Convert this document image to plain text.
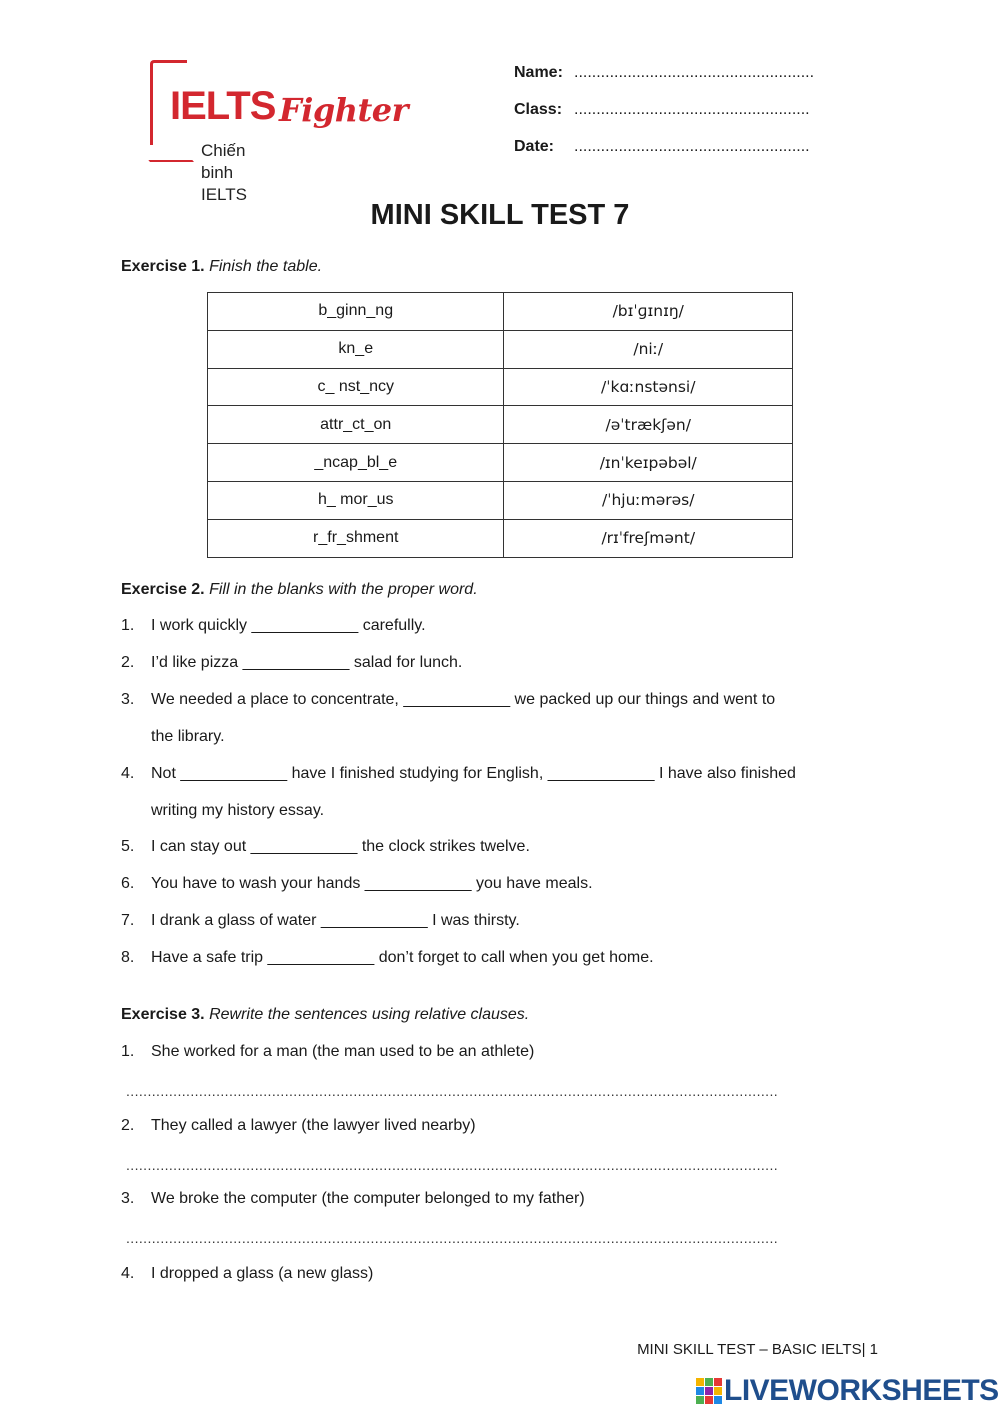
IELTS Fighter
Chiến binh IELTS
Name: ......................................................
Class: .....................................................
Date: .....................................................
MINI SKILL TEST 7
Exercise 1. Finish the table.
b_ginn_ng	/bɪˈɡɪnɪŋ/
kn_e	/niː/
c_ nst_ncy	/ˈkɑːnstənsi/
attr_ct_on	/əˈtrækʃən/
_ncap_bl_e	/ɪnˈkeɪpəbəl/
h_ mor_us	/ˈhjuːmərəs/
r_fr_shment	/rɪˈfreʃmənt/
Exercise 2. Fill in the blanks with the proper word.
1. I work quickly ____________ carefully.
2. I’d like pizza ____________ salad for lunch.
3. We needed a place to concentrate, ____________ we packed up our things and went to
the library.
4. Not ____________ have I finished studying for English, ____________ I have also finished
writing my history essay.
5. I can stay out ____________ the clock strikes twelve.
6. You have to wash your hands ____________ you have meals.
7. I drank a glass of water ____________ I was thirsty.
8. Have a safe trip ____________ don’t forget to call when you get home.
Exercise 3. Rewrite the sentences using relative clauses.
1. She worked for a man (the man used to be an athlete)
........................................................................................................................................................
2. They called a lawyer (the lawyer lived nearby)
........................................................................................................................................................
3. We broke the computer (the computer belonged to my father)
........................................................................................................................................................
4. I dropped a glass (a new glass)
MINI SKILL TEST – BASIC IELTS| 1
LIVEWORKSHEETS
